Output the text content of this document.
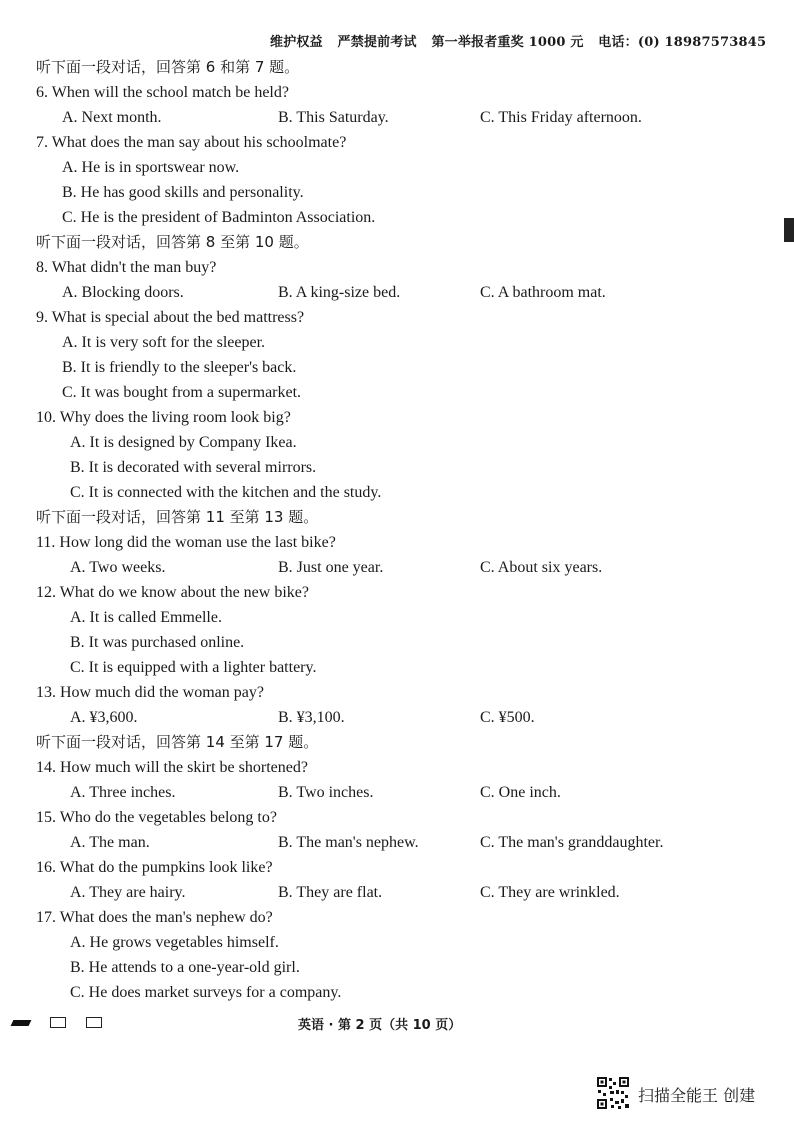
维护权益 严禁提前考试 第一举报者重奖 1000 元 电话：(0) 18987573845
听下面一段对话，回答第 6 和第 7 题。
6. When will the school match be held?
A. Next month.	B. This Saturday.	C. This Friday afternoon.
7. What does the man say about his schoolmate?
A. He is in sportswear now.
B. He has good skills and personality.
C. He is the president of Badminton Association.
听下面一段对话，回答第 8 至第 10 题。
8. What didn't the man buy?
A. Blocking doors.	B. A king-size bed.	C. A bathroom mat.
9. What is special about the bed mattress?
A. It is very soft for the sleeper.
B. It is friendly to the sleeper's back.
C. It was bought from a supermarket.
10. Why does the living room look big?
A. It is designed by Company Ikea.
B. It is decorated with several mirrors.
C. It is connected with the kitchen and the study.
听下面一段对话，回答第 11 至第 13 题。
11. How long did the woman use the last bike?
A. Two weeks.	B. Just one year.	C. About six years.
12. What do we know about the new bike?
A. It is called Emmelle.
B. It was purchased online.
C. It is equipped with a lighter battery.
13. How much did the woman pay?
A. ¥3,600.	B. ¥3,100.	C. ¥500.
听下面一段对话，回答第 14 至第 17 题。
14. How much will the skirt be shortened?
A. Three inches.	B. Two inches.	C. One inch.
15. Who do the vegetables belong to?
A. The man.	B. The man's nephew.	C. The man's granddaughter.
16. What do the pumpkins look like?
A. They are hairy.	B. They are flat.	C. They are wrinkled.
17. What does the man's nephew do?
A. He grows vegetables himself.
B. He attends to a one-year-old girl.
C. He does market surveys for a company.
英语 · 第 2 页（共 10 页）
扫描全能王 创建
